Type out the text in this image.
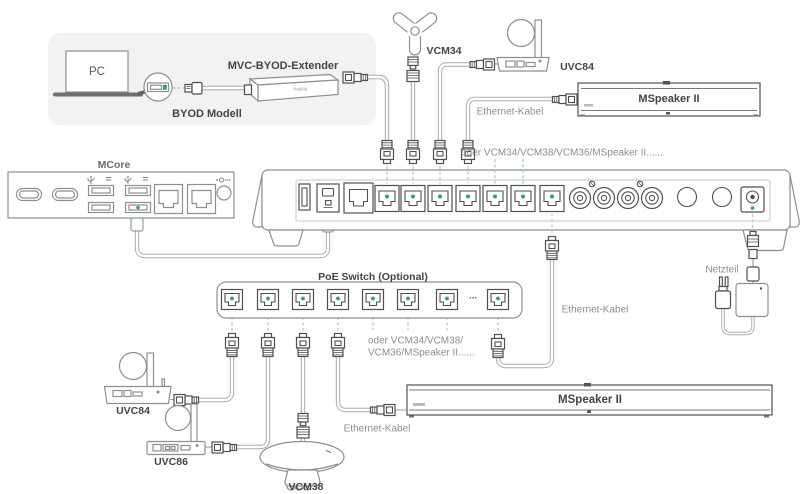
PC	MVC-BYOD-Extender
Yealink
BYOD Modell
VCM34
UVC84
MSpeaker II
Ethernet-Kabel
oder VCM34/VCM38/VCM36/MSpeaker II......
MCore
PoE Switch (Optional)
...
Ethernet-Kabel
Netzteil
oder VCM34/VCM38/
VCM36/MSpeaker II......
UVC84
UVC86
VCM38
MSpeaker II
Ethernet-Kabel
